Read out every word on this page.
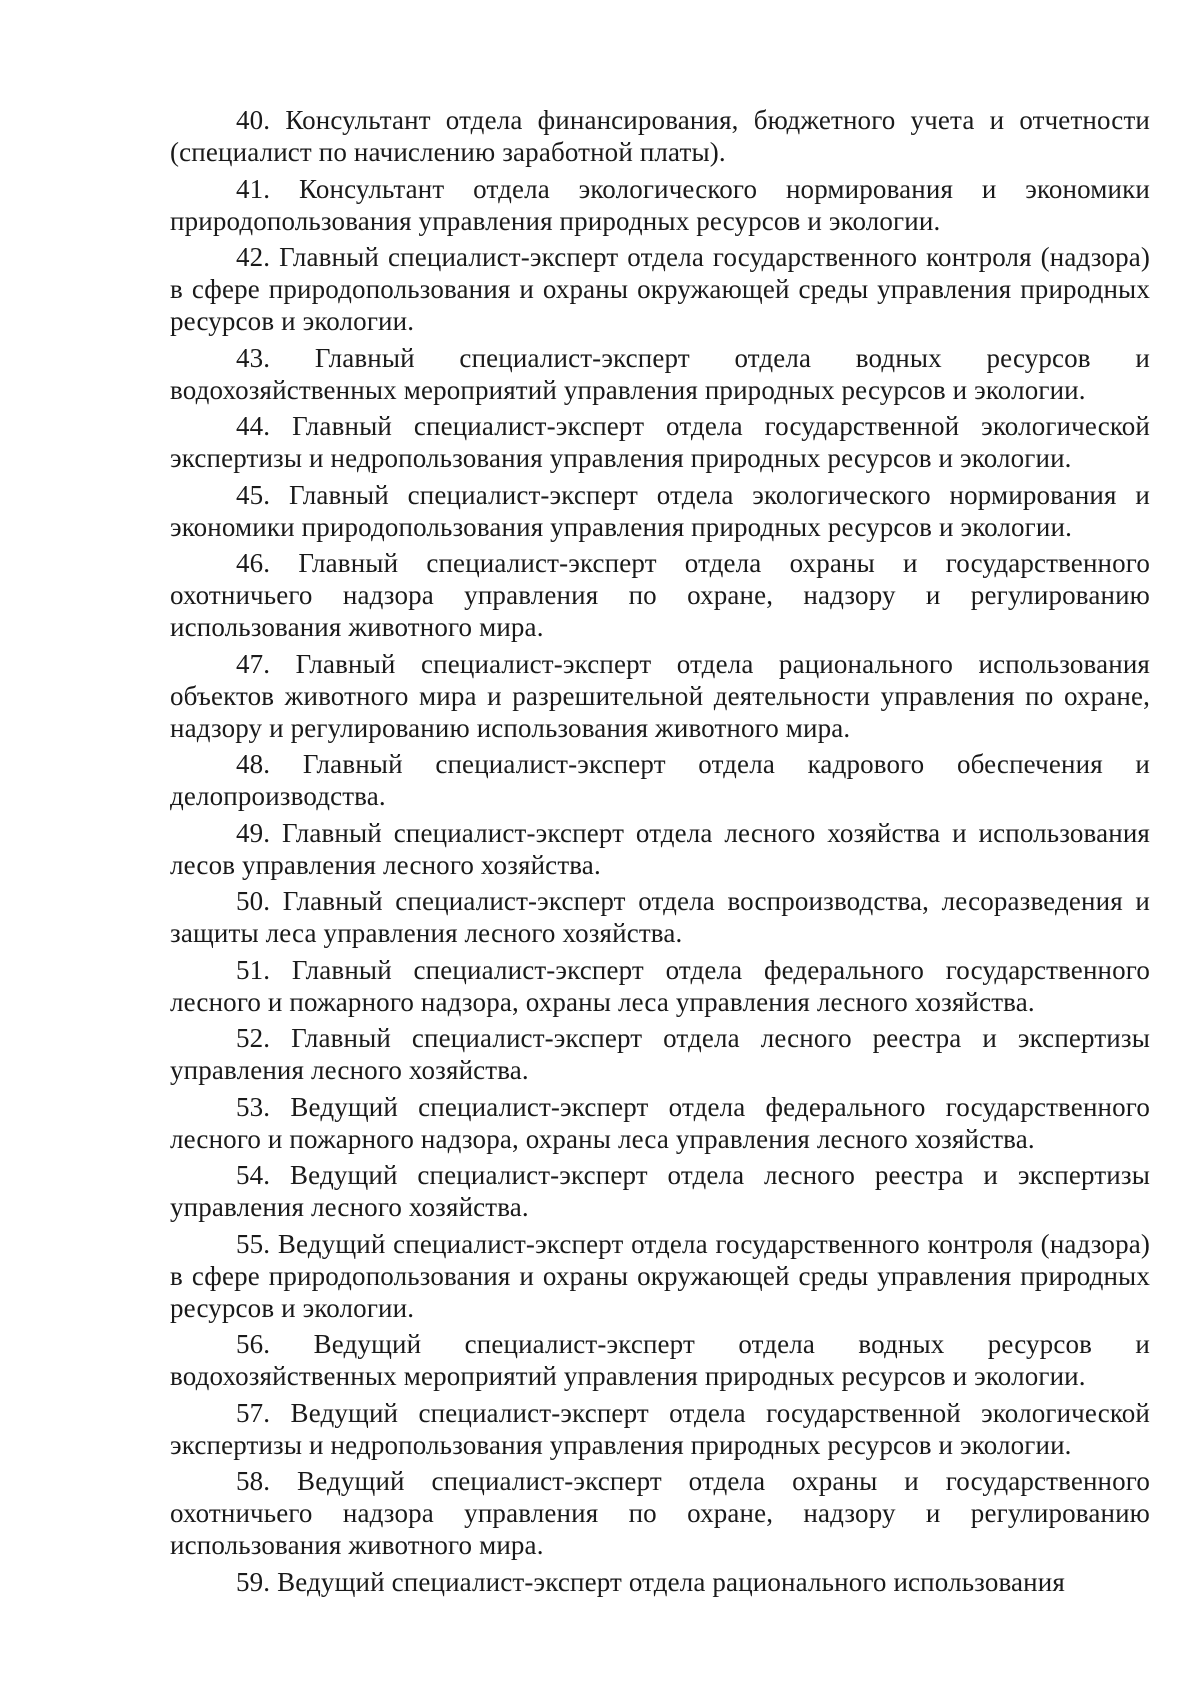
40. Консультант отдела финансирования, бюджетного учета и отчетности (специалист по начислению заработной платы).

41. Консультант отдела экологического нормирования и экономики природопользования управления природных ресурсов и экологии.

42. Главный специалист-эксперт отдела государственного контроля (надзора) в сфере природопользования и охраны окружающей среды управления природных ресурсов и экологии.

43. Главный специалист-эксперт отдела водных ресурсов и водохозяйственных мероприятий управления природных ресурсов и экологии.

44. Главный специалист-эксперт отдела государственной экологической экспертизы и недропользования управления природных ресурсов и экологии.

45. Главный специалист-эксперт отдела экологического нормирования и экономики природопользования управления природных ресурсов и экологии.

46. Главный специалист-эксперт отдела охраны и государственного охотничьего надзора управления по охране, надзору и регулированию использования животного мира.

47. Главный специалист-эксперт отдела рационального использования объектов животного мира и разрешительной деятельности управления по охране, надзору и регулированию использования животного мира.

48. Главный специалист-эксперт отдела кадрового обеспечения и делопроизводства.

49. Главный специалист-эксперт отдела лесного хозяйства и использования лесов управления лесного хозяйства.

50. Главный специалист-эксперт отдела воспроизводства, лесоразведения и защиты леса управления лесного хозяйства.

51. Главный специалист-эксперт отдела федерального государственного лесного и пожарного надзора, охраны леса управления лесного хозяйства.

52. Главный специалист-эксперт отдела лесного реестра и экспертизы управления лесного хозяйства.

53. Ведущий специалист-эксперт отдела федерального государственного лесного и пожарного надзора, охраны леса управления лесного хозяйства.

54. Ведущий специалист-эксперт отдела лесного реестра и экспертизы управления лесного хозяйства.

55. Ведущий специалист-эксперт отдела государственного контроля (надзора) в сфере природопользования и охраны окружающей среды управления природных ресурсов и экологии.

56. Ведущий специалист-эксперт отдела водных ресурсов и водохозяйственных мероприятий управления природных ресурсов и экологии.

57. Ведущий специалист-эксперт отдела государственной экологической экспертизы и недропользования управления природных ресурсов и экологии.

58. Ведущий специалист-эксперт отдела охраны и государственного охотничьего надзора управления по охране, надзору и регулированию использования животного мира.

59. Ведущий специалист-эксперт отдела рационального использования
